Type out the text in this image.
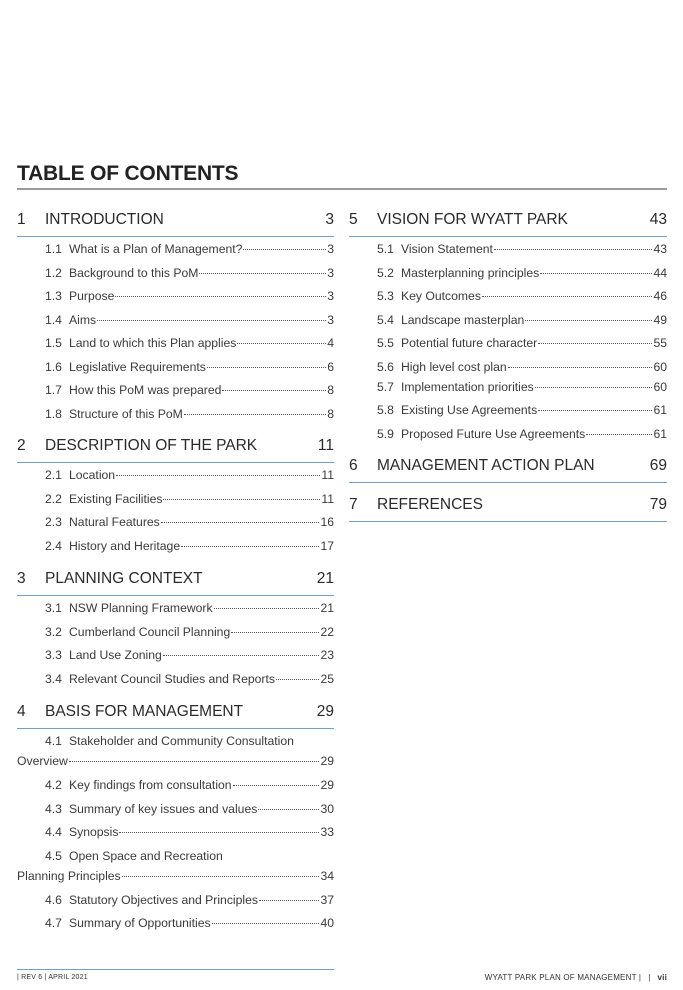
TABLE OF CONTENTS
1	INTRODUCTION	3
1.1 What is a Plan of Management?	3
1.2 Background to this PoM	3
1.3 Purpose	3
1.4 Aims	3
1.5 Land to which this Plan applies	4
1.6 Legislative Requirements	6
1.7 How this PoM was prepared	8
1.8 Structure of this PoM	8
2	DESCRIPTION OF THE PARK	11
2.1 Location	11
2.2 Existing Facilities	11
2.3 Natural Features	16
2.4 History and Heritage	17
3	PLANNING CONTEXT	21
3.1 NSW Planning Framework	21
3.2 Cumberland Council Planning	22
3.3 Land Use Zoning	23
3.4 Relevant Council Studies and Reports	25
4	BASIS FOR MANAGEMENT	29
4.1 Stakeholder and Community Consultation
Overview	29
4.2 Key findings from consultation	29
4.3 Summary of key issues and values	30
4.4 Synopsis	33
4.5 Open Space and Recreation
Planning Principles	34
4.6 Statutory Objectives and Principles	37
4.7 Summary of Opportunities	40
5	VISION FOR WYATT PARK	43
5.1 Vision Statement	43
5.2 Masterplanning principles	44
5.3 Key Outcomes	46
5.4 Landscape masterplan	49
5.5 Potential future character	55
5.6 High level cost plan	60
5.7 Implementation priorities	60
5.8 Existing Use Agreements	61
5.9 Proposed Future Use Agreements	61
6	MANAGEMENT ACTION PLAN	69
7	REFERENCES	79
| REV 6 | APRIL 2021	WYATT PARK PLAN OF MANAGEMENT | | vii
